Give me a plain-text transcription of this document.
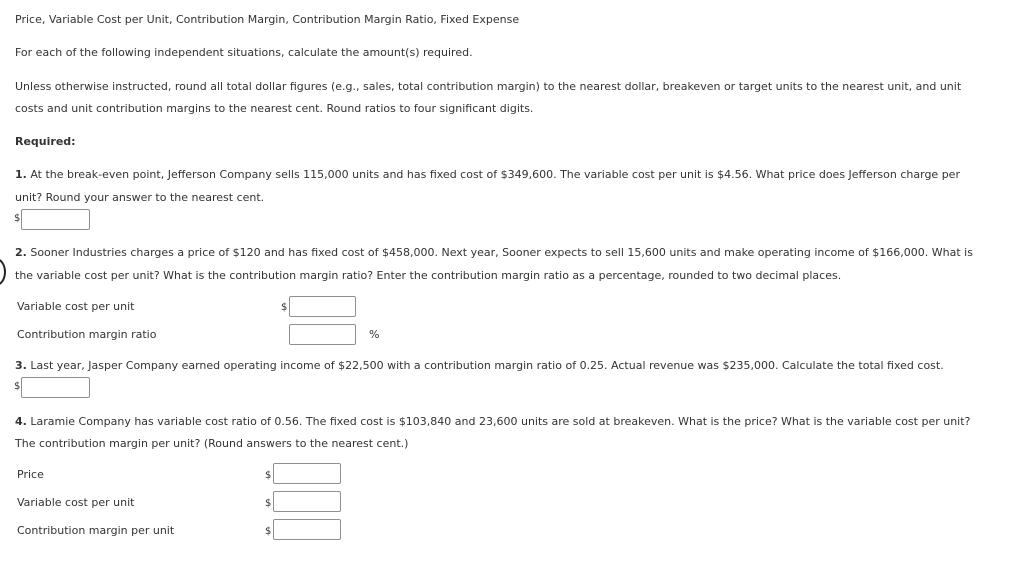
Price, Variable Cost per Unit, Contribution Margin, Contribution Margin Ratio, Fixed Expense
For each of the following independent situations, calculate the amount(s) required.
Unless otherwise instructed, round all total dollar figures (e.g., sales, total contribution margin) to the nearest dollar, breakeven or target units to the nearest unit, and unit
costs and unit contribution margins to the nearest cent. Round ratios to four significant digits.
Required:
1. At the break-even point, Jefferson Company sells 115,000 units and has fixed cost of $349,600. The variable cost per unit is $4.56. What price does Jefferson charge per
unit? Round your answer to the nearest cent.
$
2. Sooner Industries charges a price of $120 and has fixed cost of $458,000. Next year, Sooner expects to sell 15,600 units and make operating income of $166,000. What is
the variable cost per unit? What is the contribution margin ratio? Enter the contribution margin ratio as a percentage, rounded to two decimal places.
Variable cost per unit	$
Contribution margin ratio	%
3. Last year, Jasper Company earned operating income of $22,500 with a contribution margin ratio of 0.25. Actual revenue was $235,000. Calculate the total fixed cost.
$
4. Laramie Company has variable cost ratio of 0.56. The fixed cost is $103,840 and 23,600 units are sold at breakeven. What is the price? What is the variable cost per unit?
The contribution margin per unit? (Round answers to the nearest cent.)
Price	$
Variable cost per unit	$
Contribution margin per unit	$
